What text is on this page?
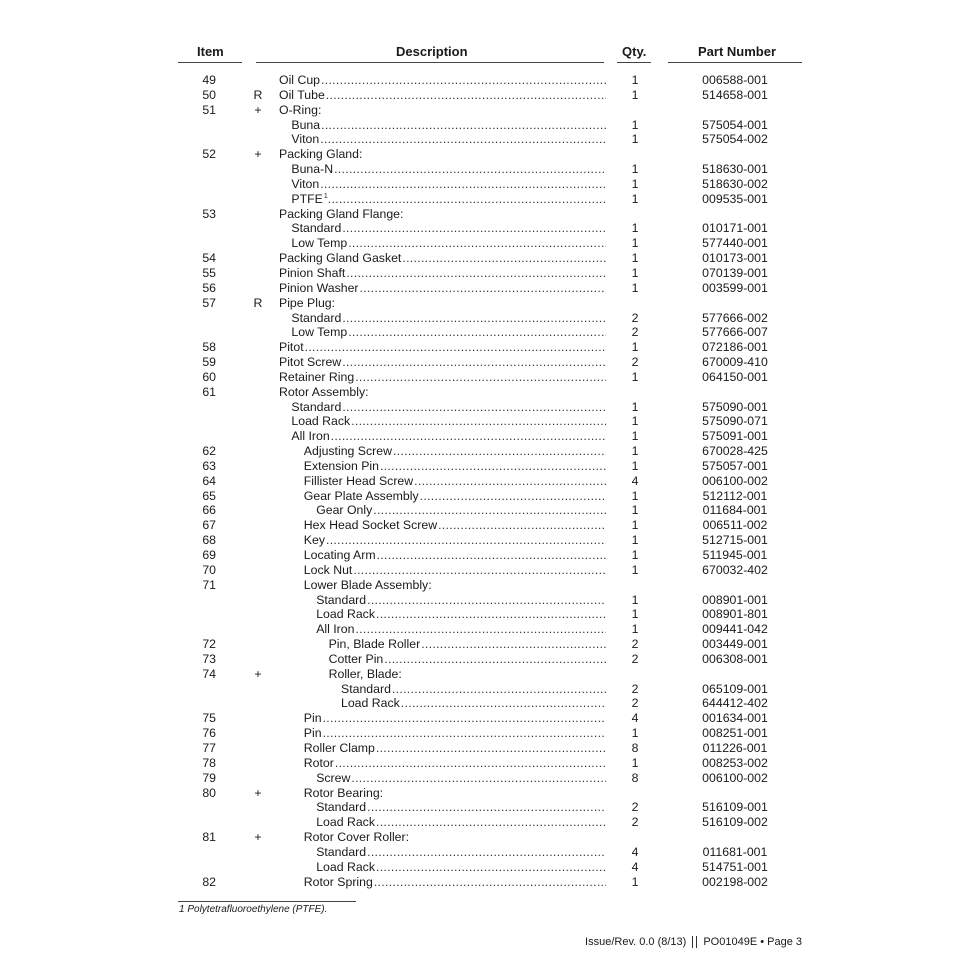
Item	Description	Qty.	Part Number
49	Oil Cup .....	1	006588-001
50	R	Oil Tube .....	1	514658-001
51	+	O-Ring:
Buna .....	1	575054-001
Viton .....	1	575054-002
52	+	Packing Gland:
Buna-N .....	1	518630-001
Viton .....	1	518630-002
PTFE$^1$ .....	1	009535-001
53	Packing Gland Flange:
Standard .....	1	010171-001
Low Temp .....	1	577440-001
54	Packing Gland Gasket .....	1	010173-001
55	Pinion Shaft .....	1	070139-001
56	Pinion Washer .....	1	003599-001
57	R	Pipe Plug:
Standard .....	2	577666-002
Low Temp .....	2	577666-007
58	Pitot .....	1	072186-001
59	Pitot Screw .....	2	670009-410
60	Retainer Ring .....	1	064150-001
61	Rotor Assembly:
Standard .....	1	575090-001
Load Rack .....	1	575090-071
All Iron .....	1	575091-001
62	Adjusting Screw .....	1	670028-425
63	Extension Pin .....	1	575057-001
64	Fillister Head Screw .....	4	006100-002
65	Gear Plate Assembly .....	1	512112-001
66	Gear Only .....	1	011684-001
67	Hex Head Socket Screw .....	1	006511-002
68	Key .....	1	512715-001
69	Locating Arm .....	1	511945-001
70	Lock Nut .....	1	670032-402
71	Lower Blade Assembly:
Standard .....	1	008901-001
Load Rack .....	1	008901-801
All Iron .....	1	009441-042
72	Pin, Blade Roller .....	2	003449-001
73	Cotter Pin .....	2	006308-001
74	+	Roller, Blade:
Standard .....	2	065109-001
Load Rack .....	2	644412-402
75	Pin .....	4	001634-001
76	Pin .....	1	008251-001
77	Roller Clamp .....	8	011226-001
78	Rotor .....	1	008253-002
79	Screw .....	8	006100-002
80	+	Rotor Bearing:
Standard .....	2	516109-001
Load Rack .....	2	516109-002
81	+	Rotor Cover Roller:
Standard .....	4	011681-001
Load Rack .....	4	514751-001
82	Rotor Spring .....	1	002198-002
1 Polytetrafluoroethylene (PTFE).
Issue/Rev. 0.0 (8/13) PO01049E • Page 3
